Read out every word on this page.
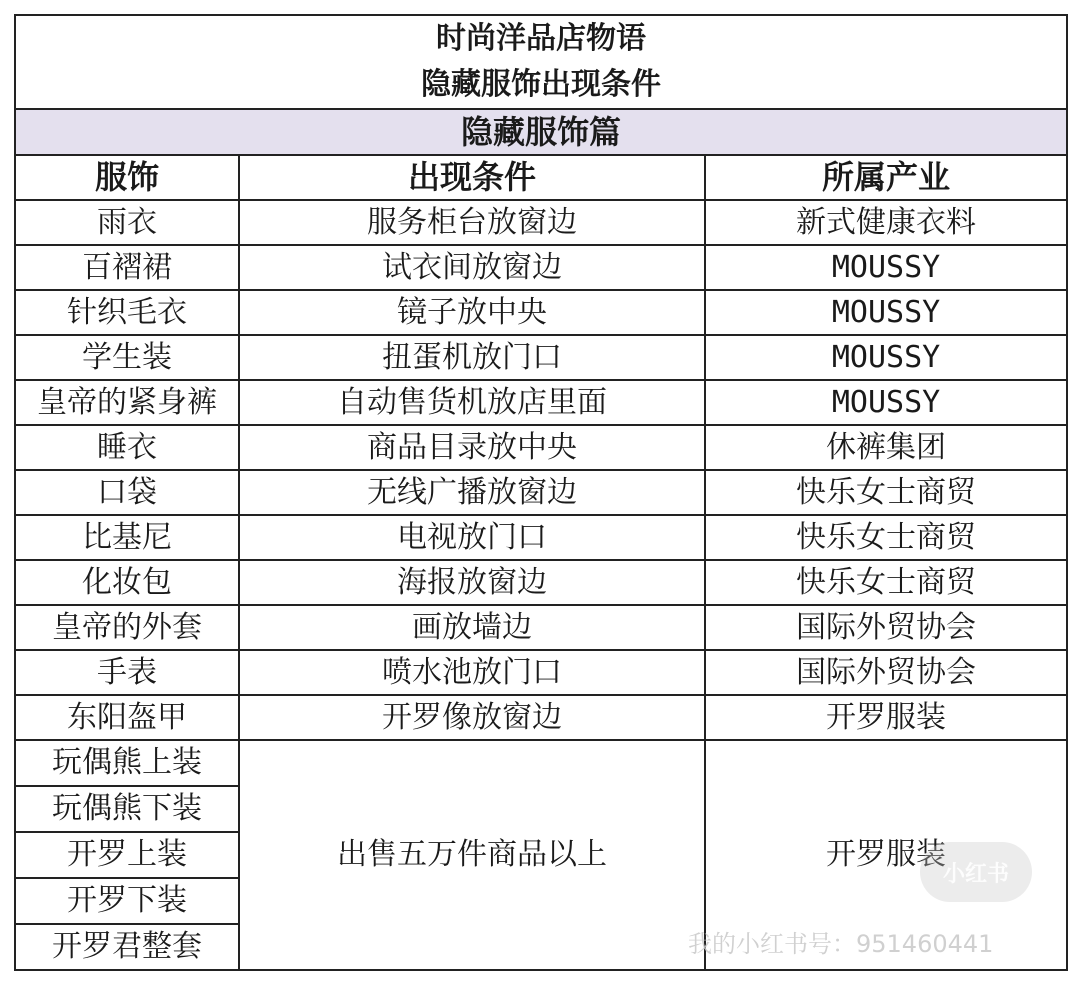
时尚洋品店物语
隐藏服饰出现条件		

隐藏服饰篇		
服饰	出现条件	所属产业
雨衣	服务柜台放窗边	新式健康衣料
百褶裙	试衣间放窗边	MOUSSY
针织毛衣	镜子放中央	MOUSSY
学生装	扭蛋机放门口	MOUSSY
皇帝的紧身裤	自动售货机放店里面	MOUSSY
睡衣	商品目录放中央	休裤集团
口袋	无线广播放窗边	快乐女士商贸
比基尼	电视放门口	快乐女士商贸
化妆包	海报放窗边	快乐女士商贸
皇帝的外套	画放墙边	国际外贸协会
手表	喷水池放门口	国际外贸协会
东阳盔甲	开罗像放窗边	开罗服装
玩偶熊上装	出售五万件商品以上	开罗服装
玩偶熊下装		
开罗上装		
开罗下装		
开罗君整套		
小红书
我的小红书号：951460441
